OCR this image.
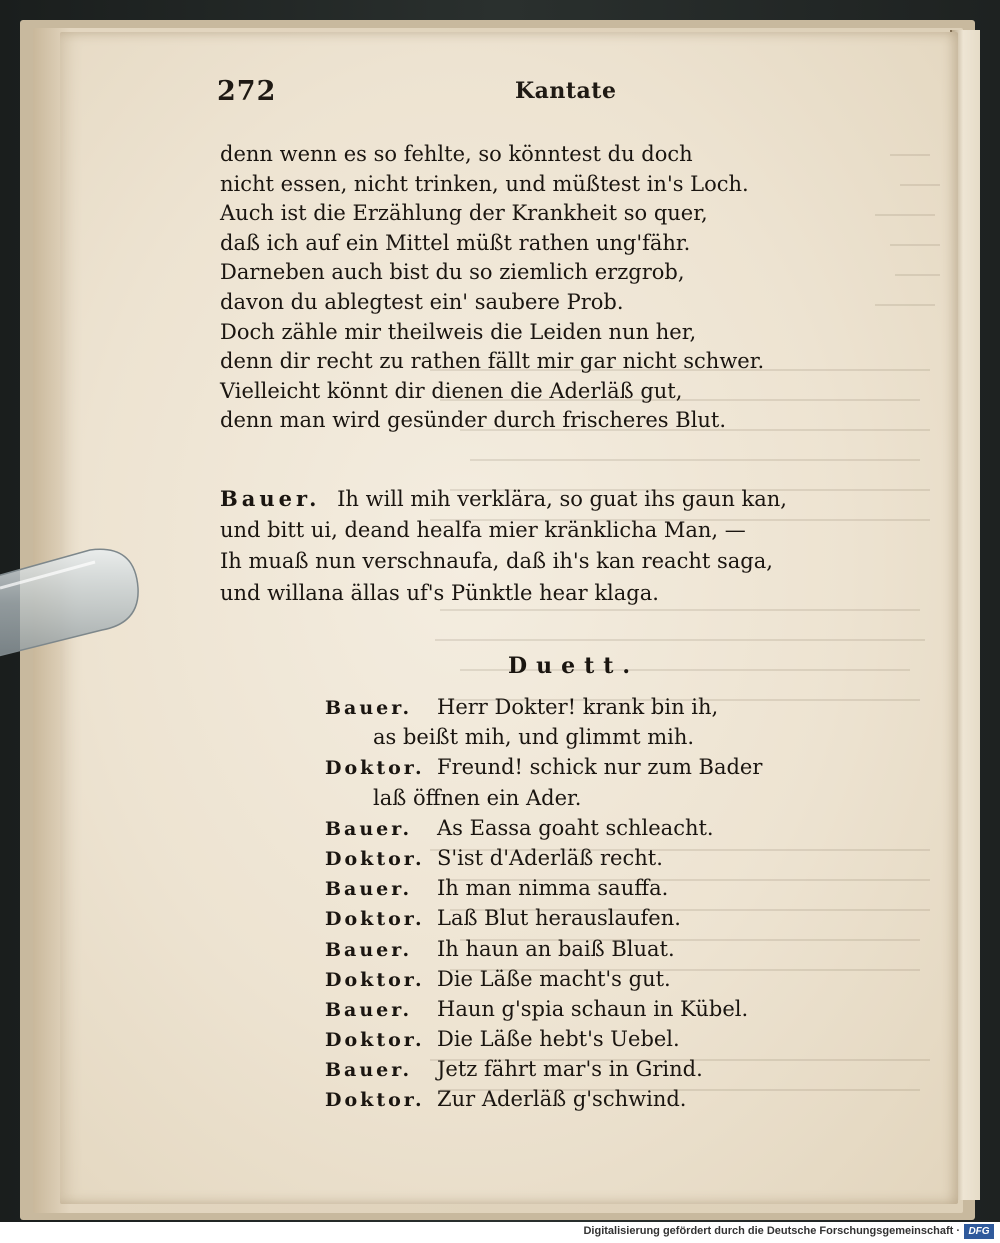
272	Kantate
denn wenn es so fehlte, so könntest du doch
nicht essen, nicht trinken, und müßtest in's Loch.
Auch ist die Erzählung der Krankheit so quer,
daß ich auf ein Mittel müßt rathen ung'fähr.
Darneben auch bist du so ziemlich erzgrob,
davon du ablegtest ein' saubere Prob.
Doch zähle mir theilweis die Leiden nun her,
denn dir recht zu rathen fällt mir gar nicht schwer.
Vielleicht könnt dir dienen die Aderläß gut,
denn man wird gesünder durch frischeres Blut.
Bauer. Ih will mih verklära, so guat ihs gaun kan,
und bitt ui, deand healfa mier kränklicha Man, —
Ih muaß nun verschnaufa, daß ih's kan reacht saga,
und willana ällas uf's Pünktle hear klaga.
Duett.
Bauer. Herr Dokter! krank bin ih,
as beißt mih, und glimmt mih.
Doktor. Freund! schick nur zum Bader
laß öffnen ein Ader.
Bauer. As Eassa goaht schleacht.
Doktor. S'ist d'Aderläß recht.
Bauer. Ih man nimma sauffa.
Doktor. Laß Blut herauslaufen.
Bauer. Ih haun an baiß Bluat.
Doktor. Die Läße macht's gut.
Bauer. Haun g'spia schaun in Kübel.
Doktor. Die Läße hebt's Uebel.
Bauer. Jetz fährt mar's in Grind.
Doktor. Zur Aderläß g'schwind.
Digitalisierung gefördert durch die Deutsche Forschungsgemeinschaft · DFG
